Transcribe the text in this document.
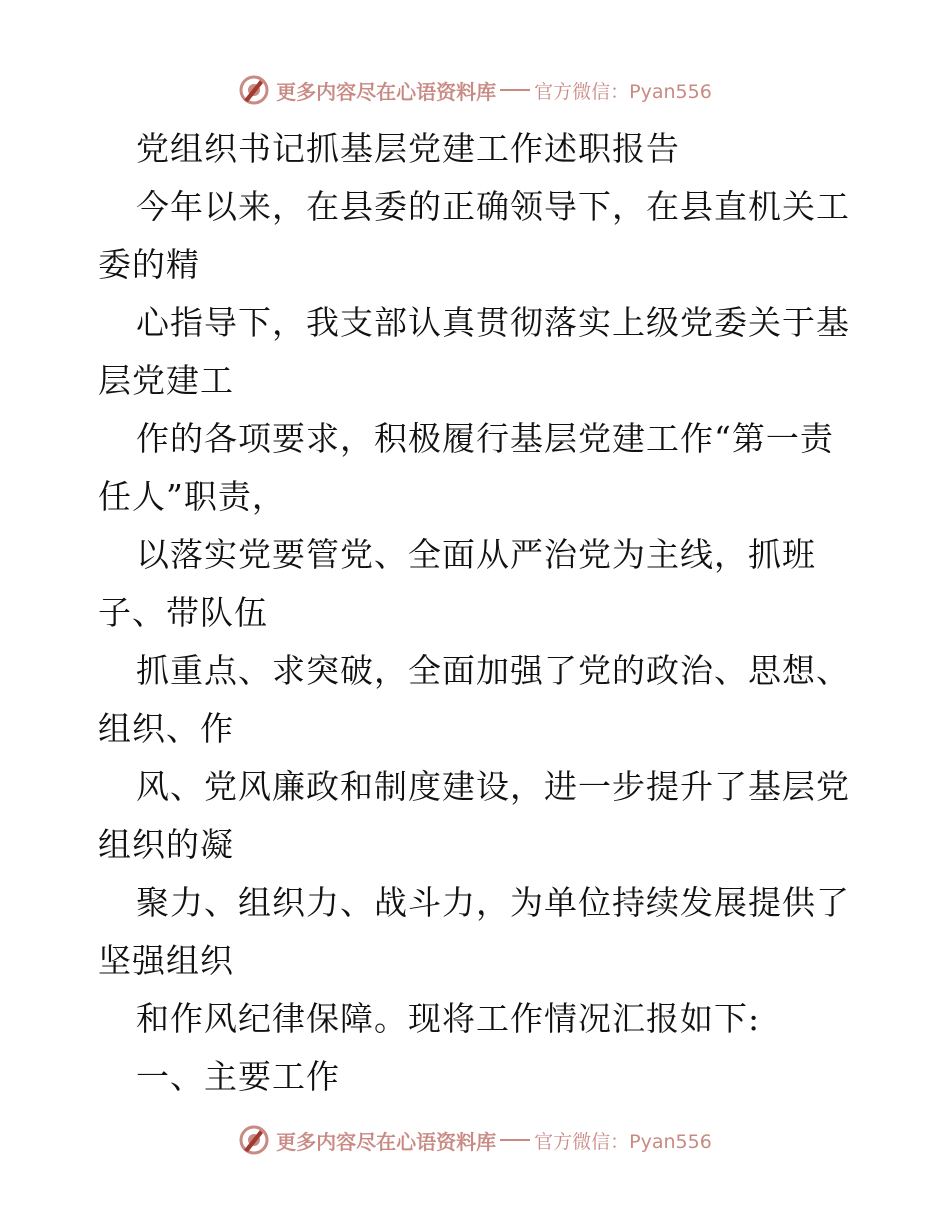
更多内容尽在心语资料库 官方微信：Pyan556
党组织书记抓基层党建工作述职报告
今年以来，在县委的正确领导下，在县直机关工
委的精
心指导下，我支部认真贯彻落实上级党委关于基
层党建工
作的各项要求，积极履行基层党建工作“第一责
任人”职责，
以落实党要管党、全面从严治党为主线，抓班
子、带队伍
抓重点、求突破，全面加强了党的政治、思想、
组织、作
风、党风廉政和制度建设，进一步提升了基层党
组织的凝
聚力、组织力、战斗力，为单位持续发展提供了
坚强组织
和作风纪律保障。现将工作情况汇报如下:
一、主要工作
更多内容尽在心语资料库 官方微信：Pyan556
